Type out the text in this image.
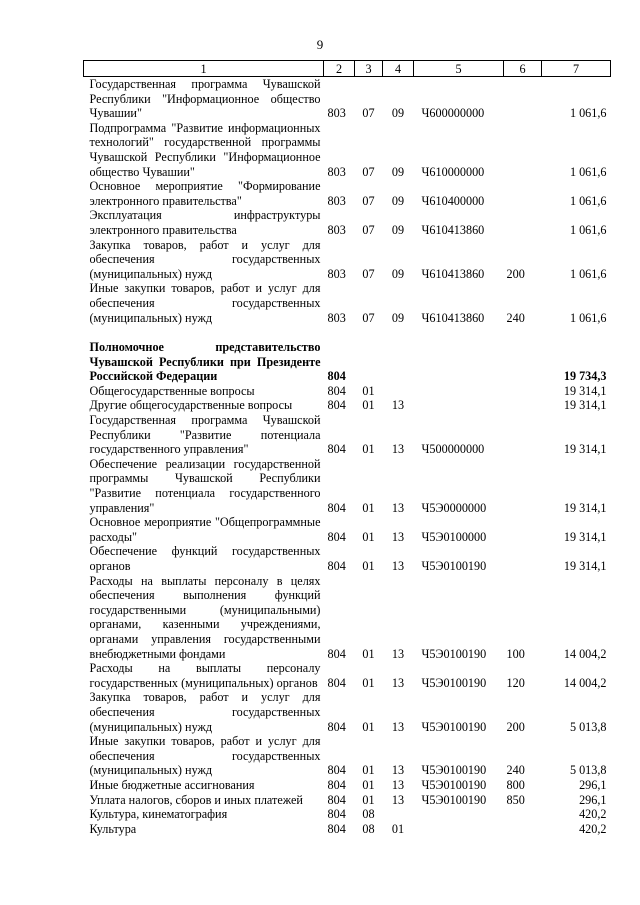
9
1	2	3	4	5	6	7
Государственная программа Чувашской Республики "Информационное общество Чувашии"	803	07	09	Ч600000000		1 061,6
Подпрограмма "Развитие информационных технологий" государственной программы Чувашской Республики "Информационное общество Чувашии"	803	07	09	Ч610000000		1 061,6
Основное мероприятие "Формирование электронного правительства"	803	07	09	Ч610400000		1 061,6
Эксплуатация инфраструктуры электронного правительства	803	07	09	Ч610413860		1 061,6
Закупка товаров, работ и услуг для обеспечения государственных (муниципальных) нужд	803	07	09	Ч610413860	200	1 061,6
Иные закупки товаров, работ и услуг для обеспечения государственных (муниципальных) нужд	803	07	09	Ч610413860	240	1 061,6

Полномочное представительство Чувашской Республики при Президенте Российской Федерации	804					19 734,3
Общегосударственные вопросы	804	01				19 314,1
Другие общегосударственные вопросы	804	01	13			19 314,1
Государственная программа Чувашской Республики "Развитие потенциала государственного управления"	804	01	13	Ч500000000		19 314,1
Обеспечение реализации государственной программы Чувашской Республики "Развитие потенциала государственного управления"	804	01	13	Ч5Э0000000		19 314,1
Основное мероприятие "Общепрограммные расходы"	804	01	13	Ч5Э0100000		19 314,1
Обеспечение функций государственных органов	804	01	13	Ч5Э0100190		19 314,1
Расходы на выплаты персоналу в целях обеспечения выполнения функций государственными (муниципальными) органами, казенными учреждениями, органами управления государственными внебюджетными фондами	804	01	13	Ч5Э0100190	100	14 004,2
Расходы на выплаты персоналу государственных (муниципальных) органов	804	01	13	Ч5Э0100190	120	14 004,2
Закупка товаров, работ и услуг для обеспечения государственных (муниципальных) нужд	804	01	13	Ч5Э0100190	200	5 013,8
Иные закупки товаров, работ и услуг для обеспечения государственных (муниципальных) нужд	804	01	13	Ч5Э0100190	240	5 013,8
Иные бюджетные ассигнования	804	01	13	Ч5Э0100190	800	296,1
Уплата налогов, сборов и иных платежей	804	01	13	Ч5Э0100190	850	296,1
Культура, кинематография	804	08				420,2
Культура	804	08	01			420,2
